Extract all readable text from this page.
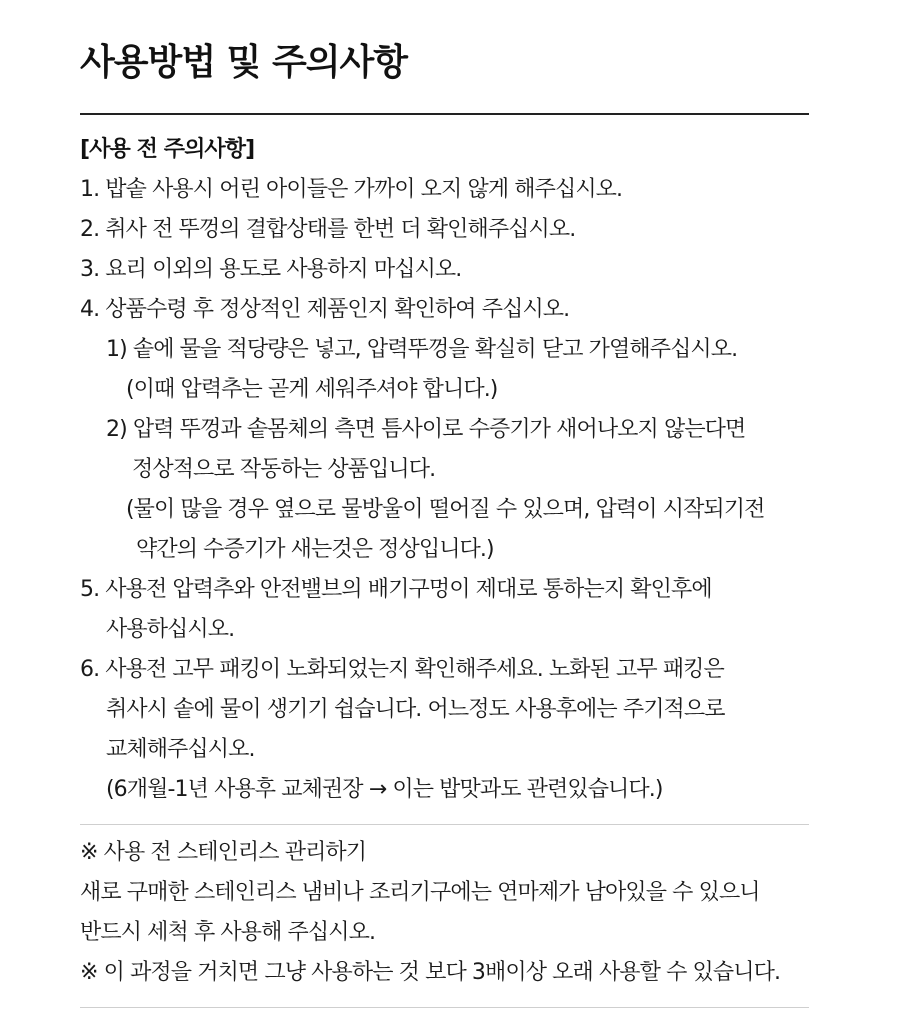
사용방법 및 주의사항
[사용 전 주의사항]
1. 밥솥 사용시 어린 아이들은 가까이 오지 않게 해주십시오.
2. 취사 전 뚜껑의 결합상태를 한번 더 확인해주십시오.
3. 요리 이외의 용도로 사용하지 마십시오.
4. 상품수령 후 정상적인 제품인지 확인하여 주십시오.
1) 솥에 물을 적당량은 넣고, 압력뚜껑을 확실히 닫고 가열해주십시오.
(이때 압력추는 곧게 세워주셔야 합니다.)
2) 압력 뚜껑과 솥몸체의 측면 틈사이로 수증기가 새어나오지 않는다면
정상적으로 작동하는 상품입니다.
(물이 많을 경우 옆으로 물방울이 떨어질 수 있으며, 압력이 시작되기전
약간의 수증기가 새는것은 정상입니다.)
5. 사용전 압력추와 안전밸브의 배기구멍이 제대로 통하는지 확인후에
사용하십시오.
6. 사용전 고무 패킹이 노화되었는지 확인해주세요. 노화된 고무 패킹은
취사시 솥에 물이 생기기 쉽습니다. 어느정도 사용후에는 주기적으로
교체해주십시오.
(6개월-1년 사용후 교체권장 → 이는 밥맛과도 관련있습니다.)
※ 사용 전 스테인리스 관리하기
새로 구매한 스테인리스 냄비나 조리기구에는 연마제가 남아있을 수 있으니
반드시 세척 후 사용해 주십시오.
※ 이 과정을 거치면 그냥 사용하는 것 보다 3배이상 오래 사용할 수 있습니다.
